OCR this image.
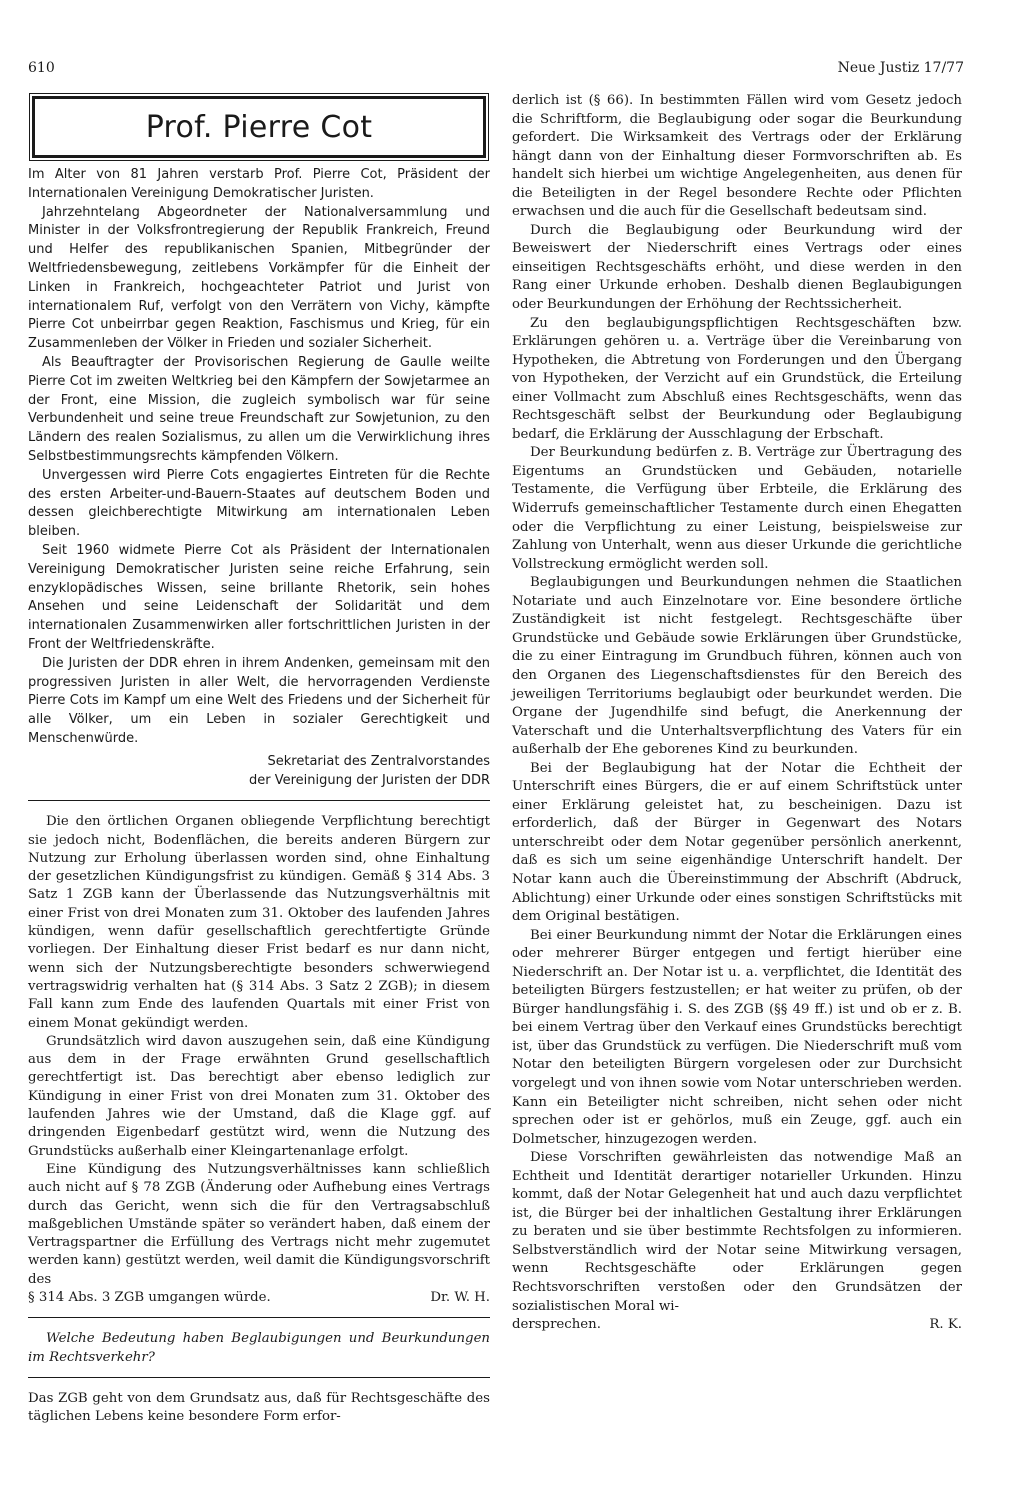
610	Neue Justiz 17/77
Prof. Pierre Cot

Im Alter von 81 Jahren verstarb Prof. Pierre Cot, Präsident der Internationalen Vereinigung Demokratischer Juristen.

Jahrzehntelang Abgeordneter der Nationalversammlung und Minister in der Volksfrontregierung der Republik Frankreich, Freund und Helfer des republikanischen Spanien, Mitbegründer der Weltfriedensbewegung, zeitlebens Vorkämpfer für die Einheit der Linken in Frankreich, hochgeachteter Patriot und Jurist von internationalem Ruf, verfolgt von den Verrätern von Vichy, kämpfte Pierre Cot unbeirrbar gegen Reaktion, Faschismus und Krieg, für ein Zusammenleben der Völker in Frieden und sozialer Sicherheit.

Als Beauftragter der Provisorischen Regierung de Gaulle weilte Pierre Cot im zweiten Weltkrieg bei den Kämpfern der Sowjetarmee an der Front, eine Mission, die zugleich symbolisch war für seine Verbundenheit und seine treue Freundschaft zur Sowjetunion, zu den Ländern des realen Sozialismus, zu allen um die Verwirklichung ihres Selbstbestimmungsrechts kämpfenden Völkern.

Unvergessen wird Pierre Cots engagiertes Eintreten für die Rechte des ersten Arbeiter-und-Bauern-Staates auf deutschem Boden und dessen gleichberechtigte Mitwirkung am internationalen Leben bleiben.

Seit 1960 widmete Pierre Cot als Präsident der Internationalen Vereinigung Demokratischer Juristen seine reiche Erfahrung, sein enzyklopädisches Wissen, seine brillante Rhetorik, sein hohes Ansehen und seine Leidenschaft der Solidarität und dem internationalen Zusammenwirken aller fortschrittlichen Juristen in der Front der Weltfriedenskräfte.

Die Juristen der DDR ehren in ihrem Andenken, gemeinsam mit den progressiven Juristen in aller Welt, die hervorragenden Verdienste Pierre Cots im Kampf um eine Welt des Friedens und der Sicherheit für alle Völker, um ein Leben in sozialer Gerechtigkeit und Menschenwürde.

Sekretariat des Zentralvorstandes
der Vereinigung der Juristen der DDR

Die den örtlichen Organen obliegende Verpflichtung berechtigt sie jedoch nicht, Bodenflächen, die bereits anderen Bürgern zur Nutzung zur Erholung überlassen worden sind, ohne Einhaltung der gesetzlichen Kündigungsfrist zu kündigen. Gemäß § 314 Abs. 3 Satz 1 ZGB kann der Überlassende das Nutzungsverhältnis mit einer Frist von drei Monaten zum 31. Oktober des laufenden Jahres kündigen, wenn dafür gesellschaftlich gerechtfertigte Gründe vorliegen. Der Einhaltung dieser Frist bedarf es nur dann nicht, wenn sich der Nutzungsberechtigte besonders schwerwiegend vertragswidrig verhalten hat (§ 314 Abs. 3 Satz 2 ZGB); in diesem Fall kann zum Ende des laufenden Quartals mit einer Frist von einem Monat gekündigt werden.

Grundsätzlich wird davon auszugehen sein, daß eine Kündigung aus dem in der Frage erwähnten Grund gesellschaftlich gerechtfertigt ist. Das berechtigt aber ebenso lediglich zur Kündigung in einer Frist von drei Monaten zum 31. Oktober des laufenden Jahres wie der Umstand, daß die Klage ggf. auf dringenden Eigenbedarf gestützt wird, wenn die Nutzung des Grundstücks außerhalb einer Kleingartenanlage erfolgt.

Eine Kündigung des Nutzungsverhältnisses kann schließlich auch nicht auf § 78 ZGB (Änderung oder Aufhebung eines Vertrags durch das Gericht, wenn sich die für den Vertragsabschluß maßgeblichen Umstände später so verändert haben, daß einem der Vertragspartner die Erfüllung des Vertrags nicht mehr zugemutet werden kann) gestützt werden, weil damit die Kündigungsvorschrift des

§ 314 Abs. 3 ZGB umgangen würde.	Dr. W. H.

Welche Bedeutung haben Beglaubigungen und Beurkundungen im Rechtsverkehr?

Das ZGB geht von dem Grundsatz aus, daß für Rechtsgeschäfte des täglichen Lebens keine besondere Form erfor-

derlich ist (§ 66). In bestimmten Fällen wird vom Gesetz jedoch die Schriftform, die Beglaubigung oder sogar die Beurkundung gefordert. Die Wirksamkeit des Vertrags oder der Erklärung hängt dann von der Einhaltung dieser Formvorschriften ab. Es handelt sich hierbei um wichtige Angelegenheiten, aus denen für die Beteiligten in der Regel besondere Rechte oder Pflichten erwachsen und die auch für die Gesellschaft bedeutsam sind.

Durch die Beglaubigung oder Beurkundung wird der Beweiswert der Niederschrift eines Vertrags oder eines einseitigen Rechtsgeschäfts erhöht, und diese werden in den Rang einer Urkunde erhoben. Deshalb dienen Beglaubigungen oder Beurkundungen der Erhöhung der Rechtssicherheit.

Zu den beglaubigungspflichtigen Rechtsgeschäften bzw. Erklärungen gehören u. a. Verträge über die Vereinbarung von Hypotheken, die Abtretung von Forderungen und den Übergang von Hypotheken, der Verzicht auf ein Grundstück, die Erteilung einer Vollmacht zum Abschluß eines Rechtsgeschäfts, wenn das Rechtsgeschäft selbst der Beurkundung oder Beglaubigung bedarf, die Erklärung der Ausschlagung der Erbschaft.

Der Beurkundung bedürfen z. B. Verträge zur Übertragung des Eigentums an Grundstücken und Gebäuden, notarielle Testamente, die Verfügung über Erbteile, die Erklärung des Widerrufs gemeinschaftlicher Testamente durch einen Ehegatten oder die Verpflichtung zu einer Leistung, beispielsweise zur Zahlung von Unterhalt, wenn aus dieser Urkunde die gerichtliche Vollstreckung ermöglicht werden soll.

Beglaubigungen und Beurkundungen nehmen die Staatlichen Notariate und auch Einzelnotare vor. Eine besondere örtliche Zuständigkeit ist nicht festgelegt. Rechtsgeschäfte über Grundstücke und Gebäude sowie Erklärungen über Grundstücke, die zu einer Eintragung im Grundbuch führen, können auch von den Organen des Liegenschaftsdienstes für den Bereich des jeweiligen Territoriums beglaubigt oder beurkundet werden. Die Organe der Jugendhilfe sind befugt, die Anerkennung der Vaterschaft und die Unterhaltsverpflichtung des Vaters für ein außerhalb der Ehe geborenes Kind zu beurkunden.

Bei der Beglaubigung hat der Notar die Echtheit der Unterschrift eines Bürgers, die er auf einem Schriftstück unter einer Erklärung geleistet hat, zu bescheinigen. Dazu ist erforderlich, daß der Bürger in Gegenwart des Notars unterschreibt oder dem Notar gegenüber persönlich anerkennt, daß es sich um seine eigenhändige Unterschrift handelt. Der Notar kann auch die Übereinstimmung der Abschrift (Abdruck, Ablichtung) einer Urkunde oder eines sonstigen Schriftstücks mit dem Original bestätigen.

Bei einer Beurkundung nimmt der Notar die Erklärungen eines oder mehrerer Bürger entgegen und fertigt hierüber eine Niederschrift an. Der Notar ist u. a. verpflichtet, die Identität des beteiligten Bürgers festzustellen; er hat weiter zu prüfen, ob der Bürger handlungsfähig i. S. des ZGB (§§ 49 ff.) ist und ob er z. B. bei einem Vertrag über den Verkauf eines Grundstücks berechtigt ist, über das Grundstück zu verfügen. Die Niederschrift muß vom Notar den beteiligten Bürgern vorgelesen oder zur Durchsicht vorgelegt und von ihnen sowie vom Notar unterschrieben werden. Kann ein Beteiligter nicht schreiben, nicht sehen oder nicht sprechen oder ist er gehörlos, muß ein Zeuge, ggf. auch ein Dolmetscher, hinzugezogen werden.

Diese Vorschriften gewährleisten das notwendige Maß an Echtheit und Identität derartiger notarieller Urkunden. Hinzu kommt, daß der Notar Gelegenheit hat und auch dazu verpflichtet ist, die Bürger bei der inhaltlichen Gestaltung ihrer Erklärungen zu beraten und sie über bestimmte Rechtsfolgen zu informieren. Selbstverständlich wird der Notar seine Mitwirkung versagen, wenn Rechtsgeschäfte oder Erklärungen gegen Rechtsvorschriften verstoßen oder den Grundsätzen der sozialistischen Moral wi-

dersprechen.	R. K.
